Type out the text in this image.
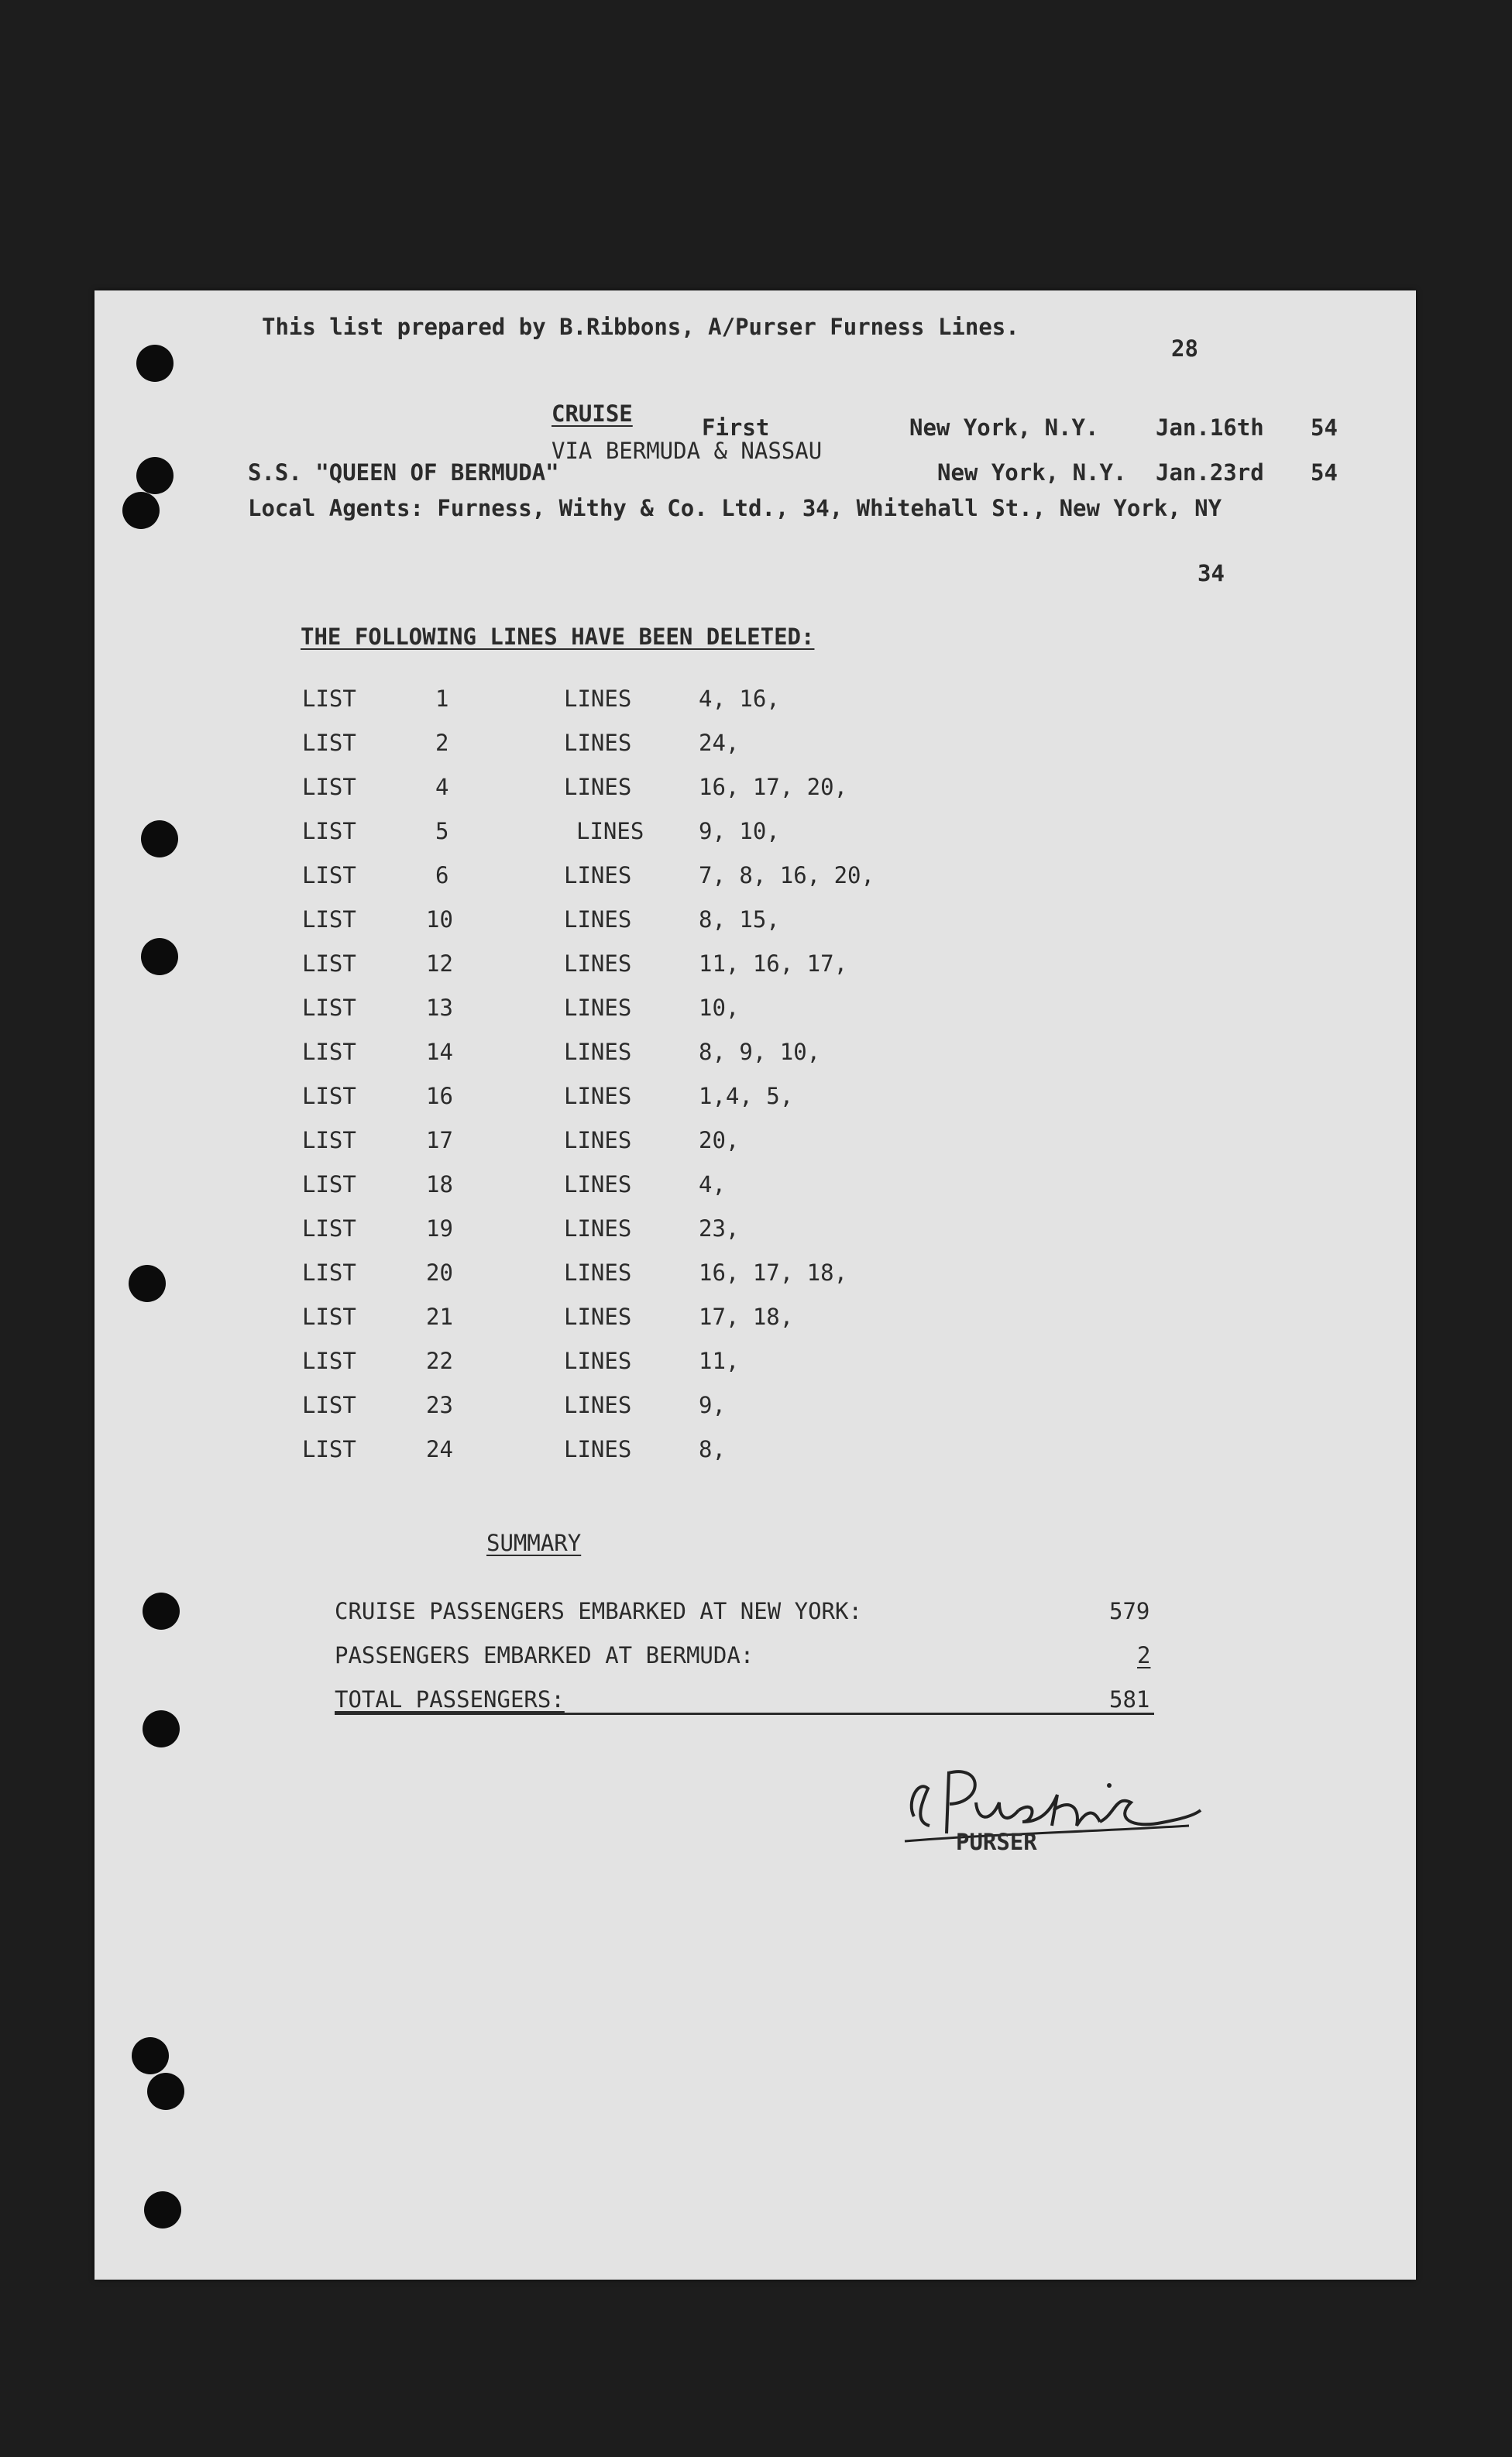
This list prepared by B.Ribbons, A/Purser Furness Lines.
28
CRUISE
First	New York, N.Y.	Jan.16th 54
VIA BERMUDA & NASSAU
S.S. "QUEEN OF BERMUDA"	New York, N.Y. Jan.23rd 54
Local Agents: Furness, Withy & Co. Ltd., 34, Whitehall St., New York, NY
34
THE FOLLOWING LINES HAVE BEEN DELETED:
LIST	1	LINES	4, 16,
LIST	2	LINES	24,
LIST	4	LINES	16, 17, 20,
LIST	5	LINES 9, 10,
LIST	6	LINES	7, 8, 16, 20,
LIST	10	LINES	8, 15,
LIST	12	LINES	11, 16, 17,
LIST	13	LINES	10,
LIST	14	LINES	8, 9, 10,
LIST	16	LINES	1,4, 5,
LIST	17	LINES	20,
LIST	18	LINES	4,
LIST	19	LINES	23,
LIST	20	LINES	16, 17, 18,
LIST	21	LINES	17, 18,
LIST	22	LINES	11,
LIST	23	LINES	9,
LIST	24	LINES	8,
SUMMARY
CRUISE PASSENGERS EMBARKED AT NEW YORK:	579
PASSENGERS EMBARKED AT BERMUDA:	2
TOTAL PASSENGERS:	581
PURSER
